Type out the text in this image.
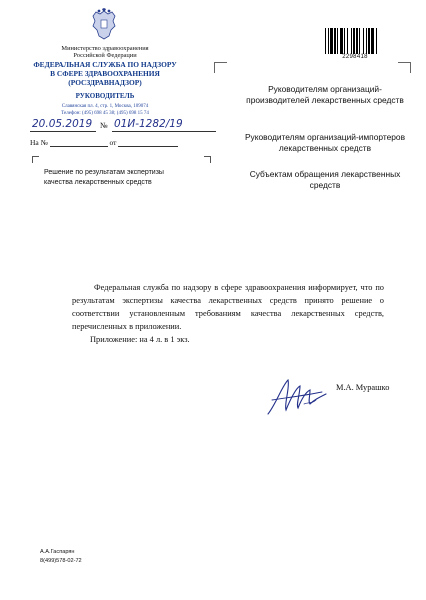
Министерство здравоохранения
Российской Федерации
ФЕДЕРАЛЬНАЯ СЛУЖБА ПО НАДЗОРУ
В СФЕРЕ ЗДРАВООХРАНЕНИЯ
(РОСЗДРАВНАДЗОР)
РУКОВОДИТЕЛЬ
Славянская пл. 4, стр. 1, Москва, 109074
Телефон: (495) 698 45 38; (495) 698 15 74
20.05.2019 № 01И-1282/19
На №	от
Решение по результатам экспертизы
качества лекарственных средств
2298418
Руководителям организаций-производителей лекарственных средств
Руководителям организаций-импортеров лекарственных средств
Субъектам обращения лекарственных средств
Федеральная служба по надзору в сфере здравоохранения информирует, что по результатам экспертизы качества лекарственных средств принято решение о соответствии установленным требованиям качества лекарственных средств, перечисленных в приложении.
Приложение: на 4 л. в 1 экз.
М.А. Мурашко
А.А.Гаспарян
8(499)578-02-72
